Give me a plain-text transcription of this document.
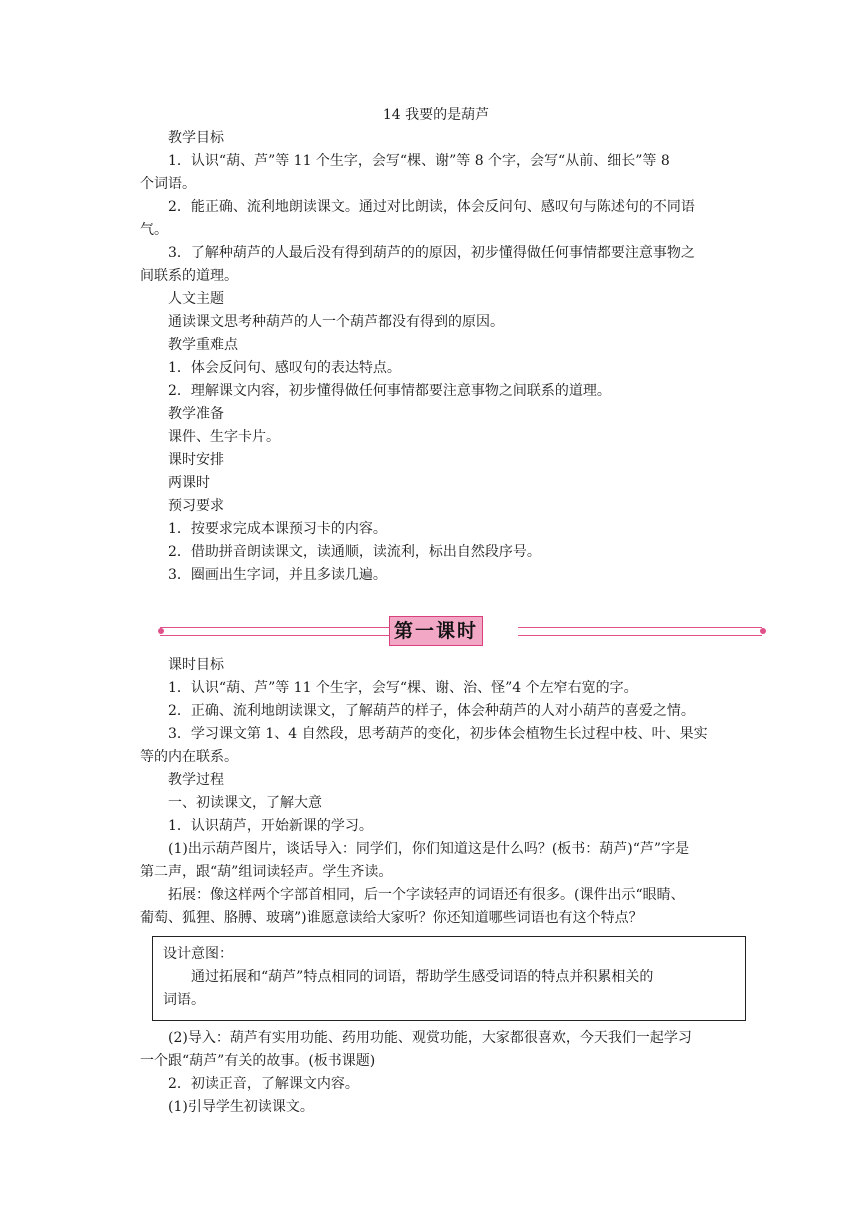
14 我要的是葫芦

教学目标

1．认识“葫、芦”等 11 个生字，会写“棵、谢”等 8 个字，会写“从前、细长”等 8

个词语。

2．能正确、流利地朗读课文。通过对比朗读，体会反问句、感叹句与陈述句的不同语

气。

3．了解种葫芦的人最后没有得到葫芦的的原因，初步懂得做任何事情都要注意事物之

间联系的道理。

人文主题

通读课文思考种葫芦的人一个葫芦都没有得到的原因。

教学重难点

1．体会反问句、感叹句的表达特点。

2．理解课文内容，初步懂得做任何事情都要注意事物之间联系的道理。

教学准备

课件、生字卡片。

课时安排

两课时

预习要求

1．按要求完成本课预习卡的内容。

2．借助拼音朗读课文，读通顺，读流利，标出自然段序号。

3．圈画出生字词，并且多读几遍。

第一课时

课时目标

1．认识“葫、芦”等 11 个生字，会写“棵、谢、治、怪”4 个左窄右宽的字。

2．正确、流利地朗读课文，了解葫芦的样子，体会种葫芦的人对小葫芦的喜爱之情。

3．学习课文第 1、4 自然段，思考葫芦的变化，初步体会植物生长过程中枝、叶、果实

等的内在联系。

教学过程

一、初读课文，了解大意

1．认识葫芦，开始新课的学习。

(1)出示葫芦图片，谈话导入：同学们，你们知道这是什么吗？(板书：葫芦)“芦”字是

第二声，跟“葫”组词读轻声。学生齐读。

拓展：像这样两个字部首相同，后一个字读轻声的词语还有很多。(课件出示“眼睛、

葡萄、狐狸、胳膊、玻璃”)谁愿意读给大家听？你还知道哪些词语也有这个特点？

设计意图：

通过拓展和“葫芦”特点相同的词语，帮助学生感受词语的特点并积累相关的

词语。

(2)导入：葫芦有实用功能、药用功能、观赏功能，大家都很喜欢，今天我们一起学习

一个跟“葫芦”有关的故事。(板书课题)

2．初读正音，了解课文内容。

(1)引导学生初读课文。
